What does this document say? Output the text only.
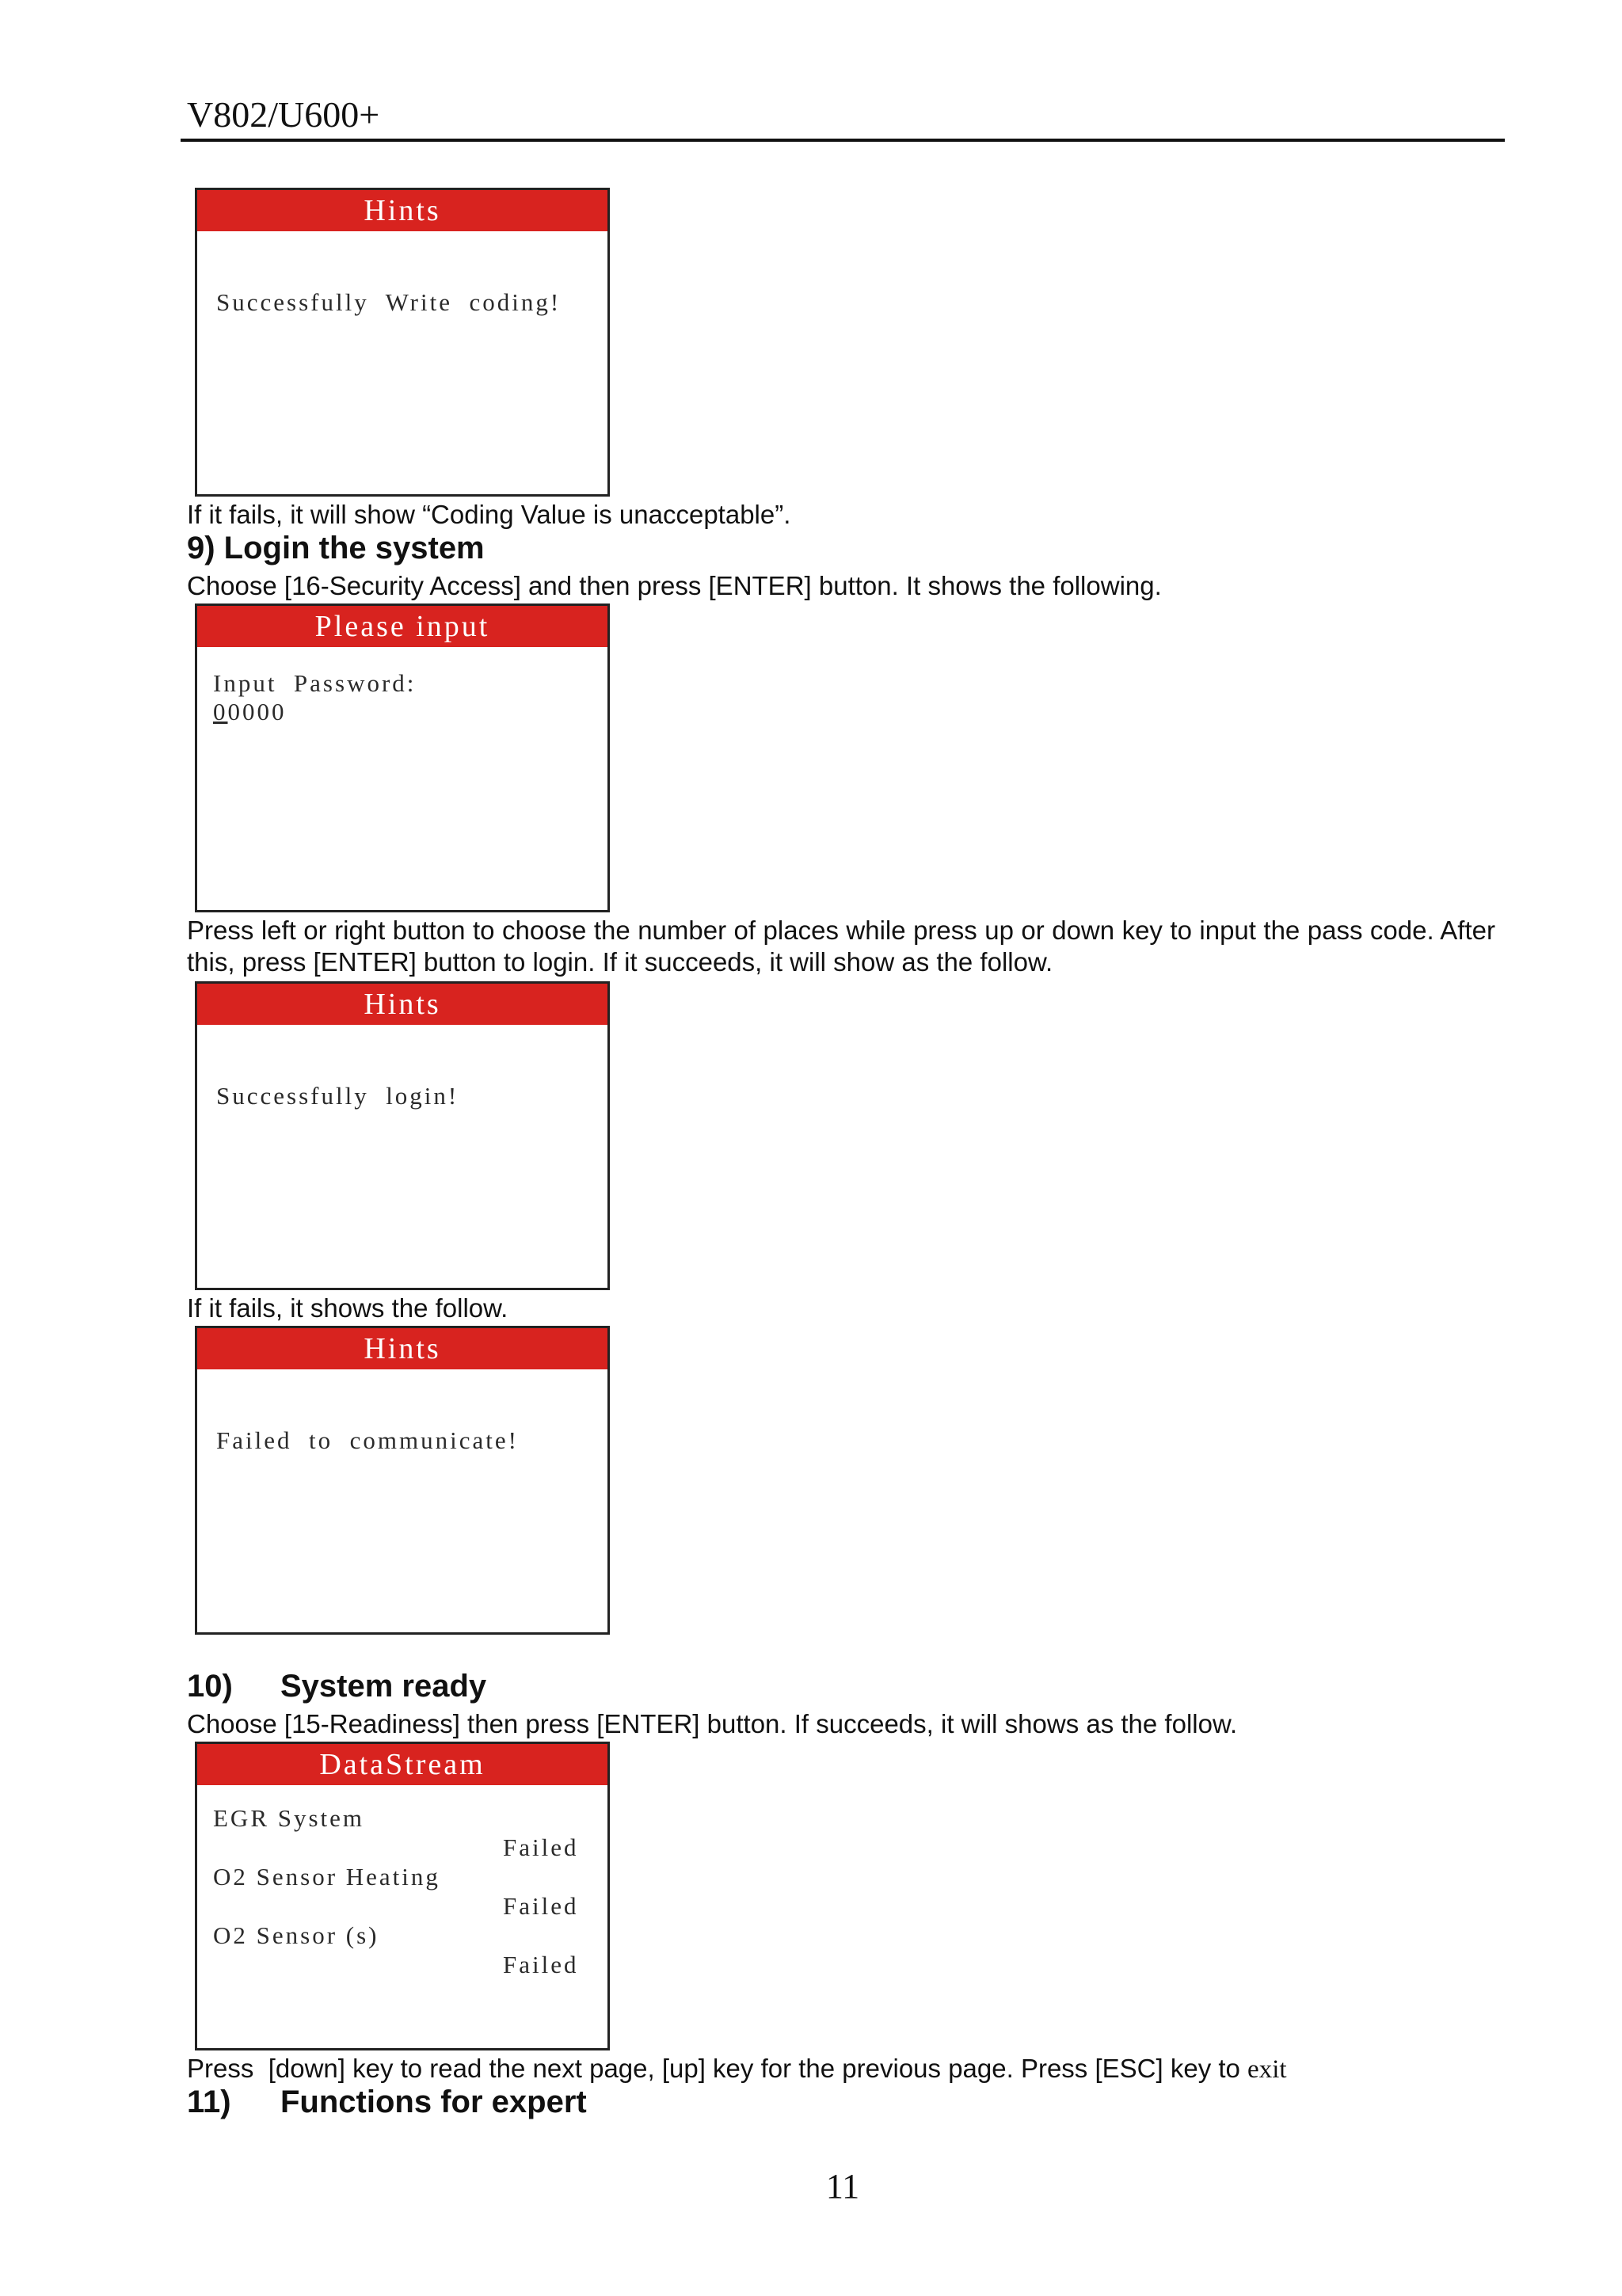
V802/U600+
Hints
Successfully  Write  coding!
If it fails, it will show “Coding Value is unacceptable”.
9) Login the system
Choose [16-Security Access] and then press [ENTER] button. It shows the following.
Please input
Input  Password:
00000
Press left or right button to choose the number of places while press up or down key to input the pass code. After this, press [ENTER] button to login. If it succeeds, it will show as the follow.
Hints
Successfully  login!
If it fails, it shows the follow.
Hints
Failed  to  communicate!
10) System ready
Choose [15-Readiness] then press [ENTER] button. If succeeds, it will shows as the follow.
DataStream
EGR System
Failed
O2 Sensor Heating
Failed
O2 Sensor (s)
Failed
Press  [down] key to read the next page, [up] key for the previous page. Press [ESC] key to exit
11) Functions for expert
11
